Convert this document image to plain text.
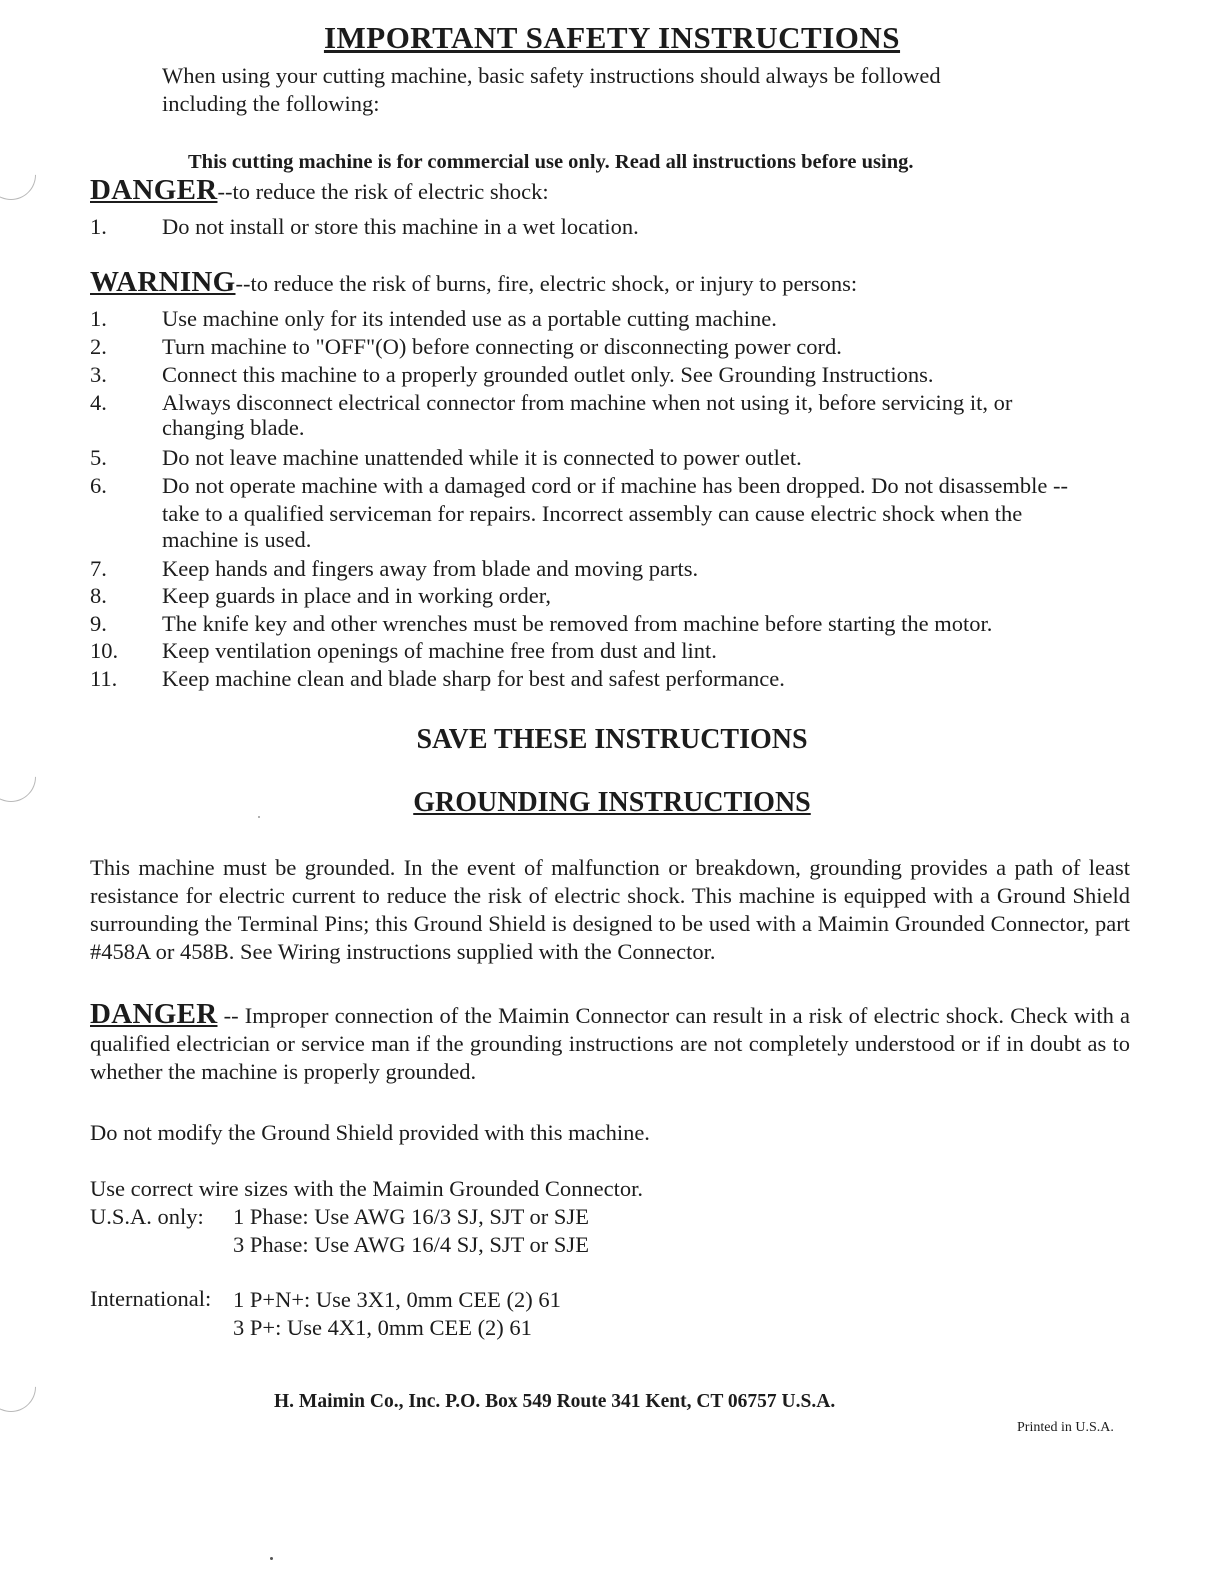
IMPORTANT SAFETY INSTRUCTIONS
When using your cutting machine, basic safety instructions should always be followed
including the following:
This cutting machine is for commercial use only. Read all instructions before using.
DANGER--to reduce the risk of electric shock:
1. Do not install or store this machine in a wet location.
WARNING--to reduce the risk of burns, fire, electric shock, or injury to persons:
1. Use machine only for its intended use as a portable cutting machine.
2. Turn machine to "OFF"(O) before connecting or disconnecting power cord.
3. Connect this machine to a properly grounded outlet only. See Grounding Instructions.
4. Always disconnect electrical connector from machine when not using it, before servicing it, or
changing blade.
5. Do not leave machine unattended while it is connected to power outlet.
6. Do not operate machine with a damaged cord or if machine has been dropped. Do not disassemble --
take to a qualified serviceman for repairs. Incorrect assembly can cause electric shock when the
machine is used.
7. Keep hands and fingers away from blade and moving parts.
8. Keep guards in place and in working order,
9. The knife key and other wrenches must be removed from machine before starting the motor.
10. Keep ventilation openings of machine free from dust and lint.
11. Keep machine clean and blade sharp for best and safest performance.
SAVE THESE INSTRUCTIONS
GROUNDING INSTRUCTIONS
This machine must be grounded. In the event of malfunction or breakdown, grounding provides a path of least resistance for electric current to reduce the risk of electric shock. This machine is equipped with a Ground Shield surrounding the Terminal Pins; this Ground Shield is designed to be used with a Maimin Grounded Connector, part #458A or 458B. See Wiring instructions supplied with the Connector.
DANGER -- Improper connection of the Maimin Connector can result in a risk of electric shock. Check with a qualified electrician or service man if the grounding instructions are not completely understood or if in doubt as to whether the machine is properly grounded.
Do not modify the Ground Shield provided with this machine.
Use correct wire sizes with the Maimin Grounded Connector.
U.S.A. only: 1 Phase: Use AWG 16/3 SJ, SJT or SJE
3 Phase: Use AWG 16/4 SJ, SJT or SJE
International: 1 P+N+: Use 3X1, 0mm CEE (2) 61
3 P+: Use 4X1, 0mm CEE (2) 61
H. Maimin Co., Inc. P.O. Box 549 Route 341 Kent, CT 06757 U.S.A.
Printed in U.S.A.
